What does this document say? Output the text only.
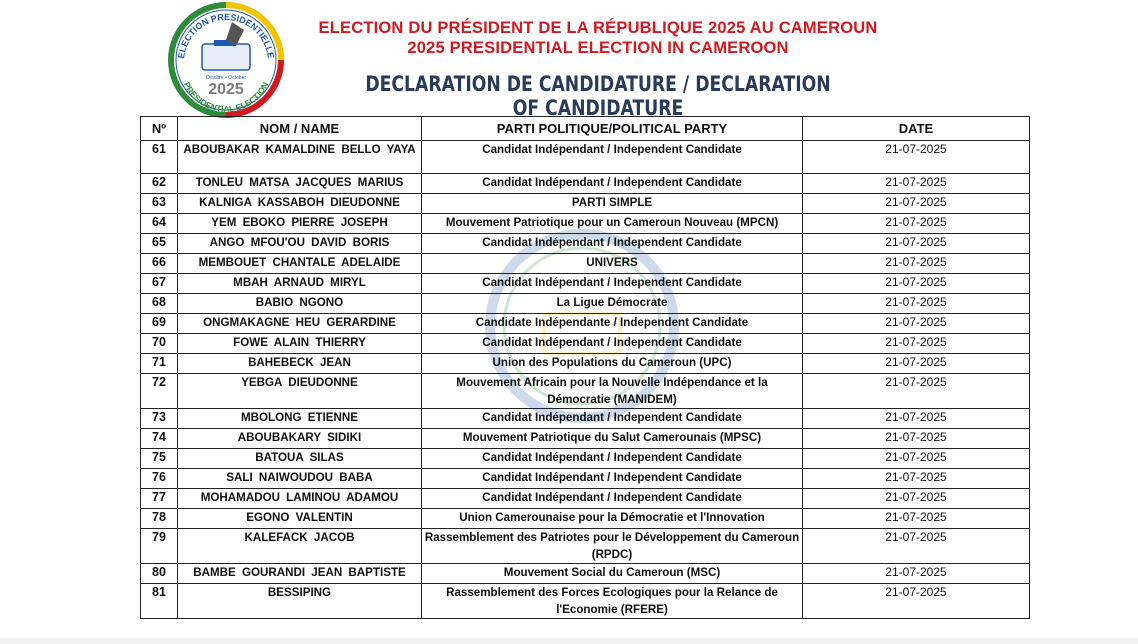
ELECTION PRESIDENTIELLE
PRESIDENTIAL ELECTION
Octobre • October
2025
ELECTION DU PRÉSIDENT DE LA RÉPUBLIQUE 2025 AU CAMEROUN
2025 PRESIDENTIAL ELECTION IN CAMEROON
DECLARATION DE CANDIDATURE / DECLARATION OF CANDIDATURE
Nº	NOM / NAME	PARTI POLITIQUE/POLITICAL PARTY	DATE
61	ABOUBAKAR KAMALDINE BELLO YAYA	Candidat Indépendant / Independent Candidate	21-07-2025
62	TONLEU MATSA JACQUES MARIUS	Candidat Indépendant / Independent Candidate	21-07-2025
63	KALNIGA KASSABOH DIEUDONNE	PARTI SIMPLE	21-07-2025
64	YEM EBOKO PIERRE JOSEPH	Mouvement Patriotique pour un Cameroun Nouveau (MPCN)	21-07-2025
65	ANGO MFOU'OU DAVID BORIS	Candidat Indépendant / Independent Candidate	21-07-2025
66	MEMBOUET CHANTALE ADELAIDE	UNIVERS	21-07-2025
67	MBAH ARNAUD MIRYL	Candidat Indépendant / Independent Candidate	21-07-2025
68	BABIO NGONO	La Ligue Démocrate	21-07-2025
69	ONGMAKAGNE HEU GERARDINE	Candidate Indépendante / Independent Candidate	21-07-2025
70	FOWE ALAIN THIERRY	Candidat Indépendant / Independent Candidate	21-07-2025
71	BAHEBECK JEAN	Union des Populations du Cameroun (UPC)	21-07-2025
72	YEBGA DIEUDONNE	Mouvement Africain pour la Nouvelle Indépendance et la Démocratie (MANIDEM)	21-07-2025
73	MBOLONG ETIENNE	Candidat Indépendant / Independent Candidate	21-07-2025
74	ABOUBAKARY SIDIKI	Mouvement Patriotique du Salut Camerounais (MPSC)	21-07-2025
75	BATOUA SILAS	Candidat Indépendant / Independent Candidate	21-07-2025
76	SALI NAIWOUDOU BABA	Candidat Indépendant / Independent Candidate	21-07-2025
77	MOHAMADOU LAMINOU ADAMOU	Candidat Indépendant / Independent Candidate	21-07-2025
78	EGONO VALENTIN	Union Camerounaise pour la Démocratie et l'Innovation	21-07-2025
79	KALEFACK JACOB	Rassemblement des Patriotes pour le Développement du Cameroun (RPDC)	21-07-2025
80	BAMBE GOURANDI JEAN BAPTISTE	Mouvement Social du Cameroun (MSC)	21-07-2025
81	BESSIPING	Rassemblement des Forces Ecologiques pour la Relance de l'Economie (RFERE)	21-07-2025
